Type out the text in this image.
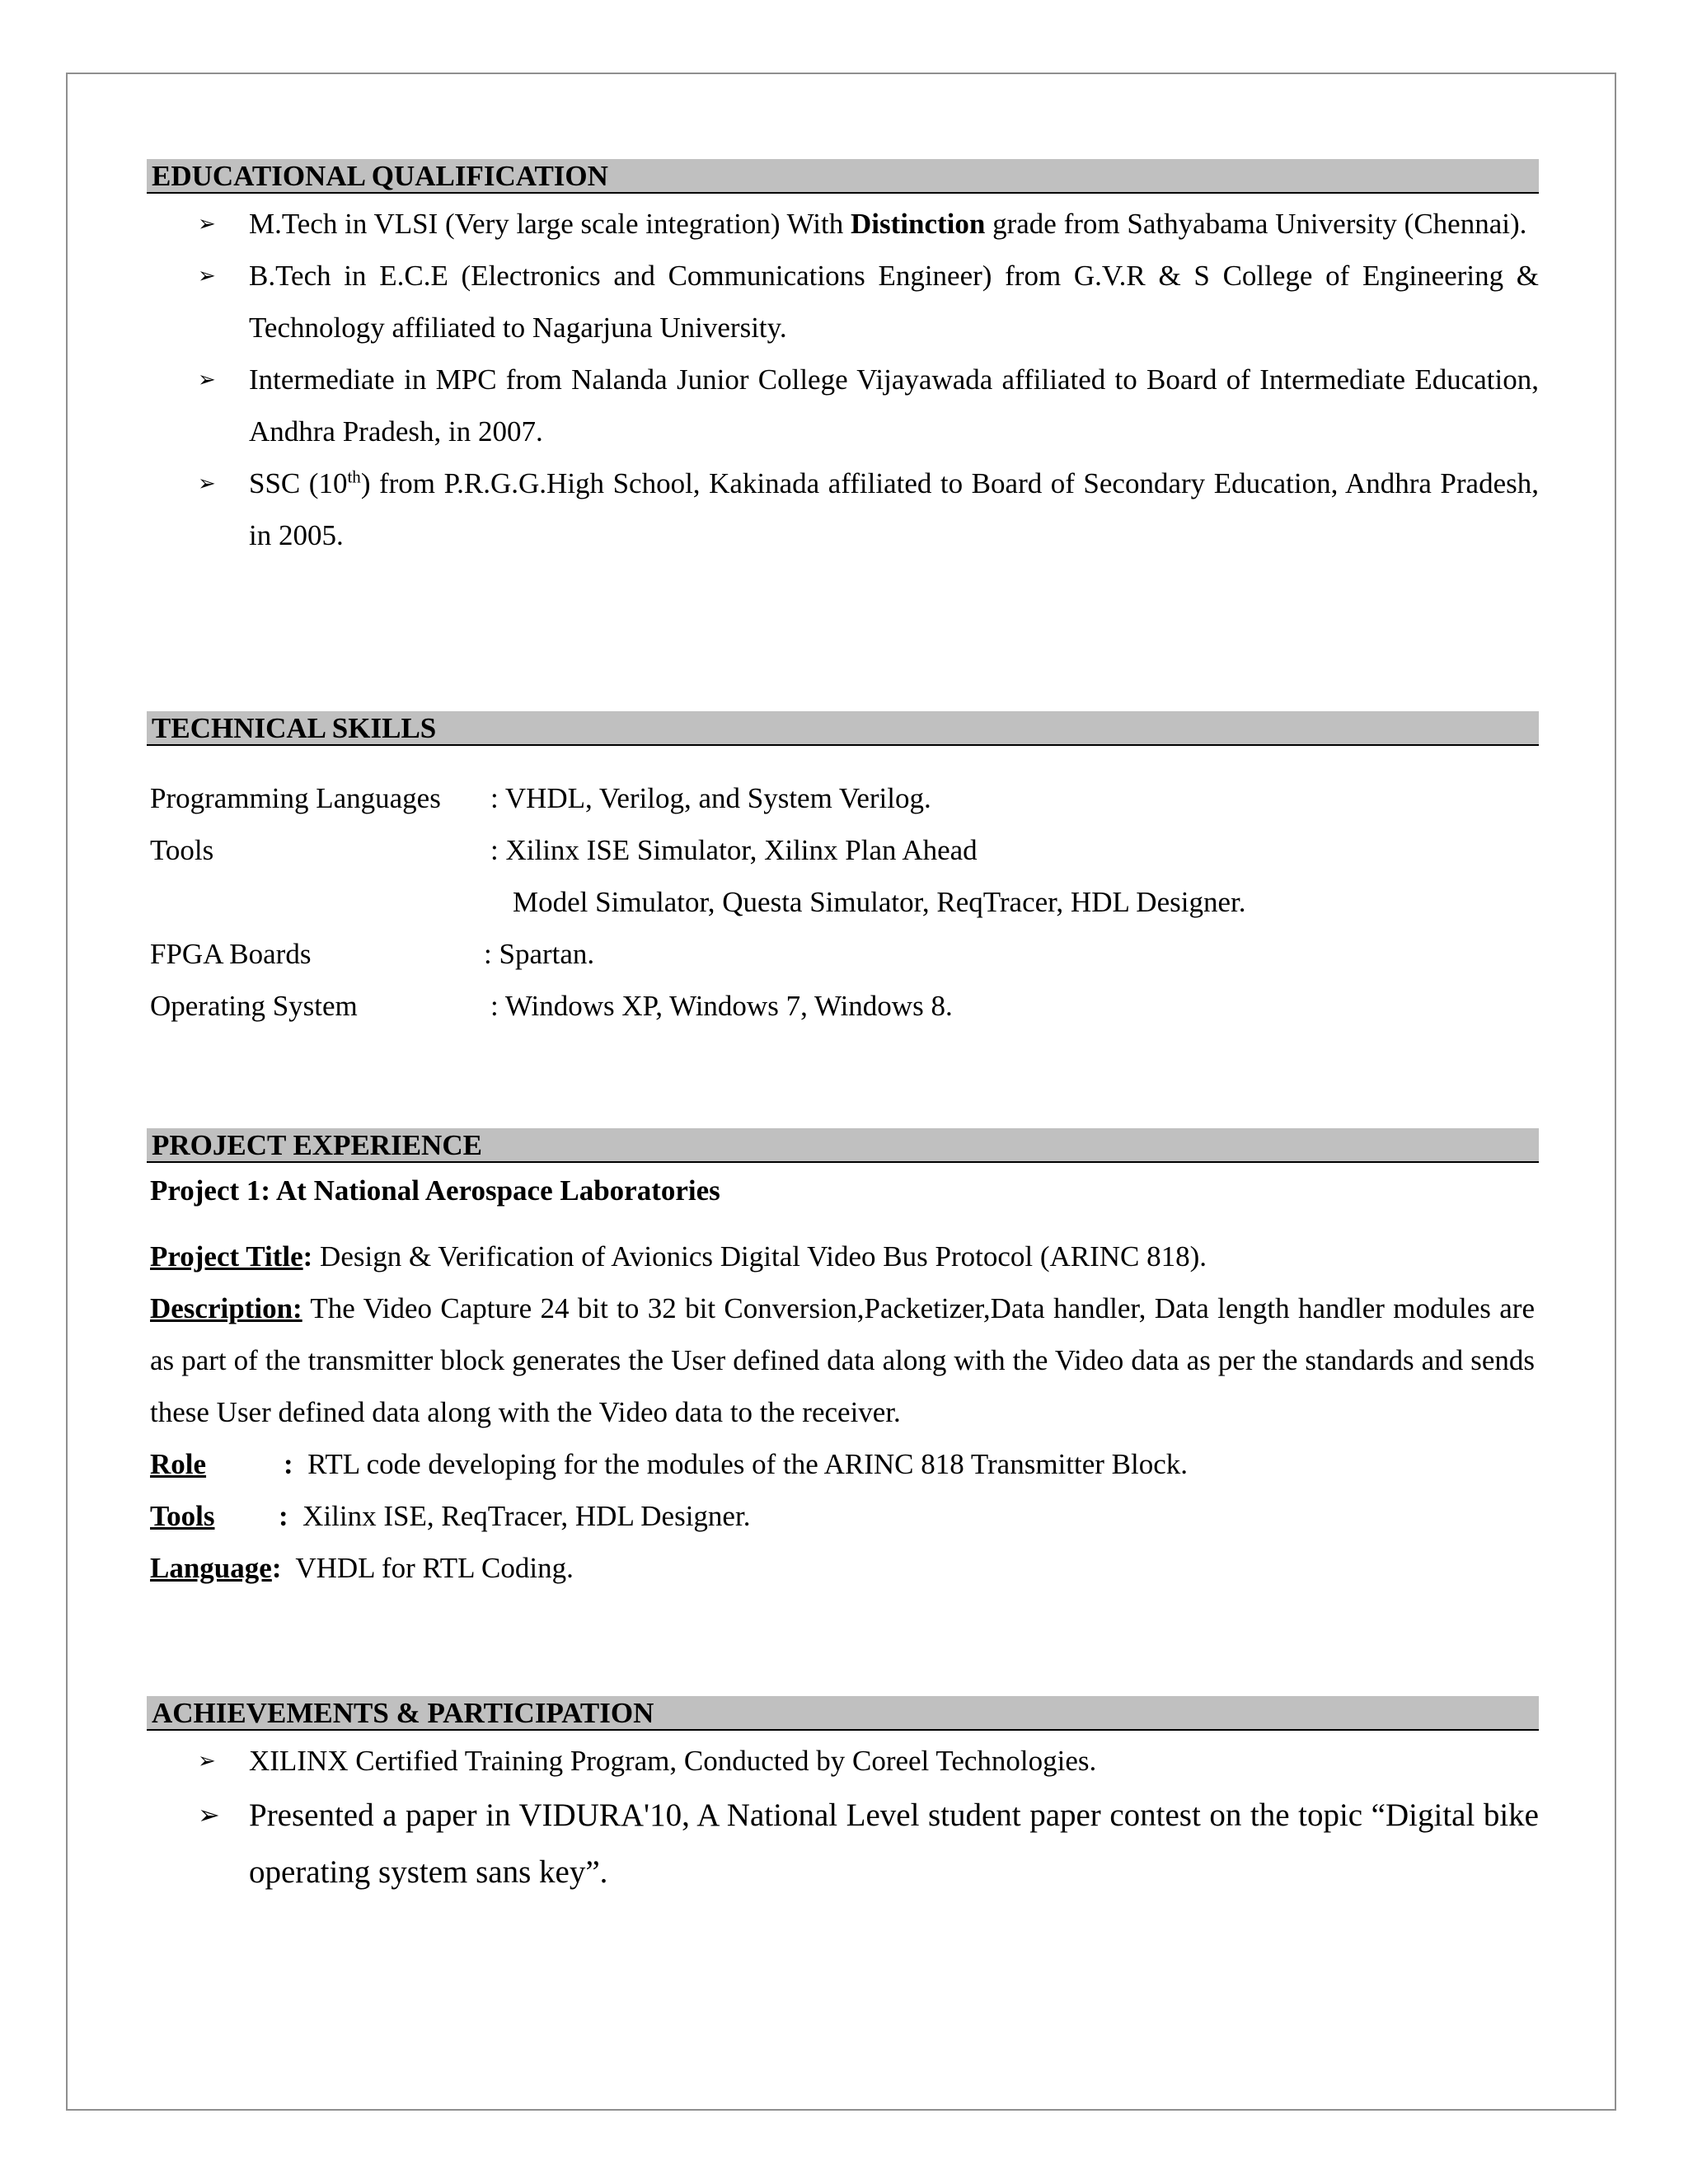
EDUCATIONAL QUALIFICATION
➢ M.Tech in VLSI (Very large scale integration) With Distinction grade from Sathyabama University (Chennai).
➢ B.Tech in E.C.E (Electronics and Communications Engineer) from G.V.R & S College of Engineering & Technology affiliated to Nagarjuna University.
➢ Intermediate in MPC from Nalanda Junior College Vijayawada affiliated to Board of Intermediate Education, Andhra Pradesh, in 2007.
➢ SSC (10th) from P.R.G.G.High School, Kakinada affiliated to Board of Secondary Education, Andhra Pradesh, in 2005.
TECHNICAL SKILLS
Programming Languages : VHDL, Verilog, and System Verilog.
Tools	: Xilinx ISE Simulator, Xilinx Plan Ahead
Model Simulator, Questa Simulator, ReqTracer, HDL Designer.
FPGA Boards	: Spartan.
Operating System	: Windows XP, Windows 7, Windows 8.
PROJECT EXPERIENCE

Project 1: At National Aerospace Laboratories

Project Title: Design & Verification of Avionics Digital Video Bus Protocol (ARINC 818).

Description: The Video Capture 24 bit to 32 bit Conversion,Packetizer,Data handler, Data length handler modules are as part of the transmitter block generates the User defined data along with the Video data as per the standards and sends these User defined data along with the Video data to the receiver.

Role	:  RTL code developing for the modules of the ARINC 818 Transmitter Block.

Tools :  Xilinx ISE, ReqTracer, HDL Designer.

Language:  VHDL for RTL Coding.

ACHIEVEMENTS & PARTICIPATION
➢ XILINX Certified Training Program, Conducted by Coreel Technologies.
➢ Presented a paper in VIDURA'10, A National Level student paper contest on the topic “Digital bike operating system sans key”.
